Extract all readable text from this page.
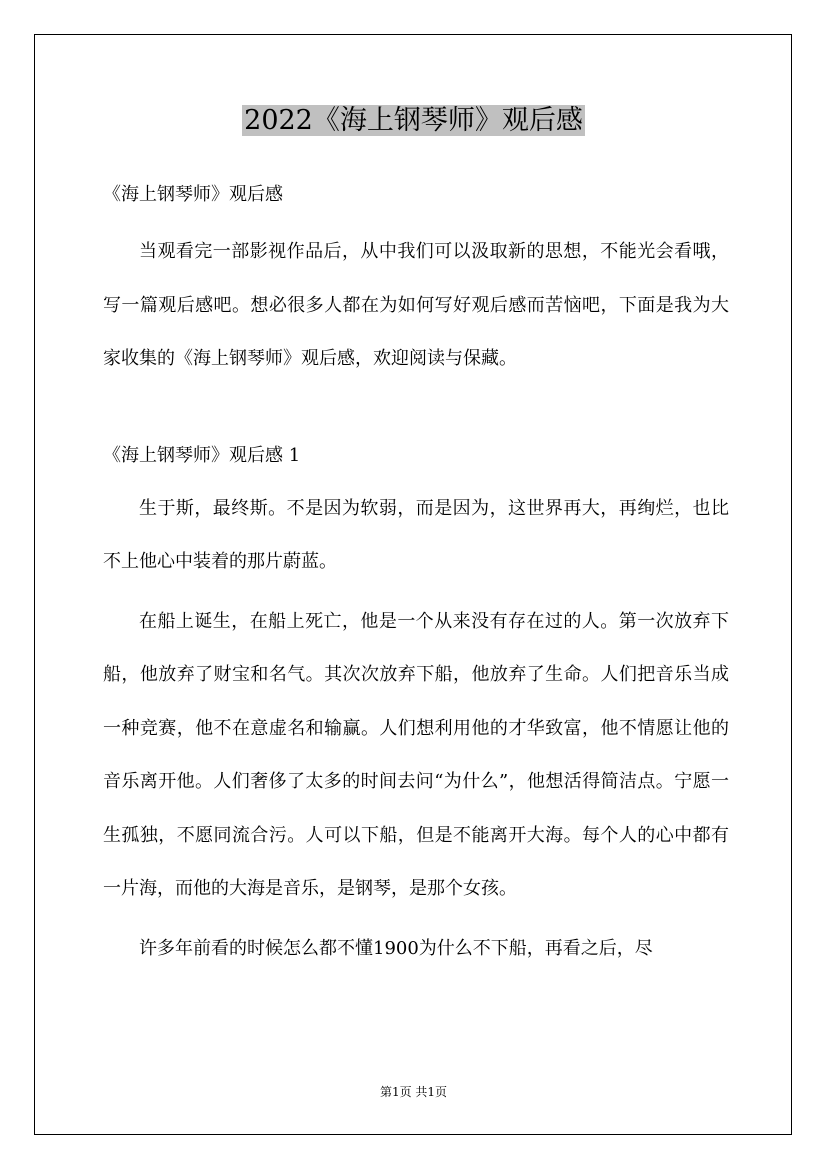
2022《海上钢琴师》观后感

《海上钢琴师》观后感

当观看完一部影视作品后，从中我们可以汲取新的思想，不能光会看哦，写一篇观后感吧。想必很多人都在为如何写好观后感而苦恼吧，下面是我为大家收集的《海上钢琴师》观后感，欢迎阅读与保藏。

《海上钢琴师》观后感 1

生于斯，最终斯。不是因为软弱，而是因为，这世界再大，再绚烂，也比不上他心中装着的那片蔚蓝。

在船上诞生，在船上死亡，他是一个从来没有存在过的人。第一次放弃下船，他放弃了财宝和名气。其次次放弃下船，他放弃了生命。人们把音乐当成一种竞赛，他不在意虚名和输赢。人们想利用他的才华致富，他不情愿让他的音乐离开他。人们奢侈了太多的时间去问“为什么”，他想活得简洁点。宁愿一生孤独，不愿同流合污。人可以下船，但是不能离开大海。每个人的心中都有一片海，而他的大海是音乐，是钢琴，是那个女孩。

许多年前看的时候怎么都不懂1900为什么不下船，再看之后，尽

第1页 共1页
